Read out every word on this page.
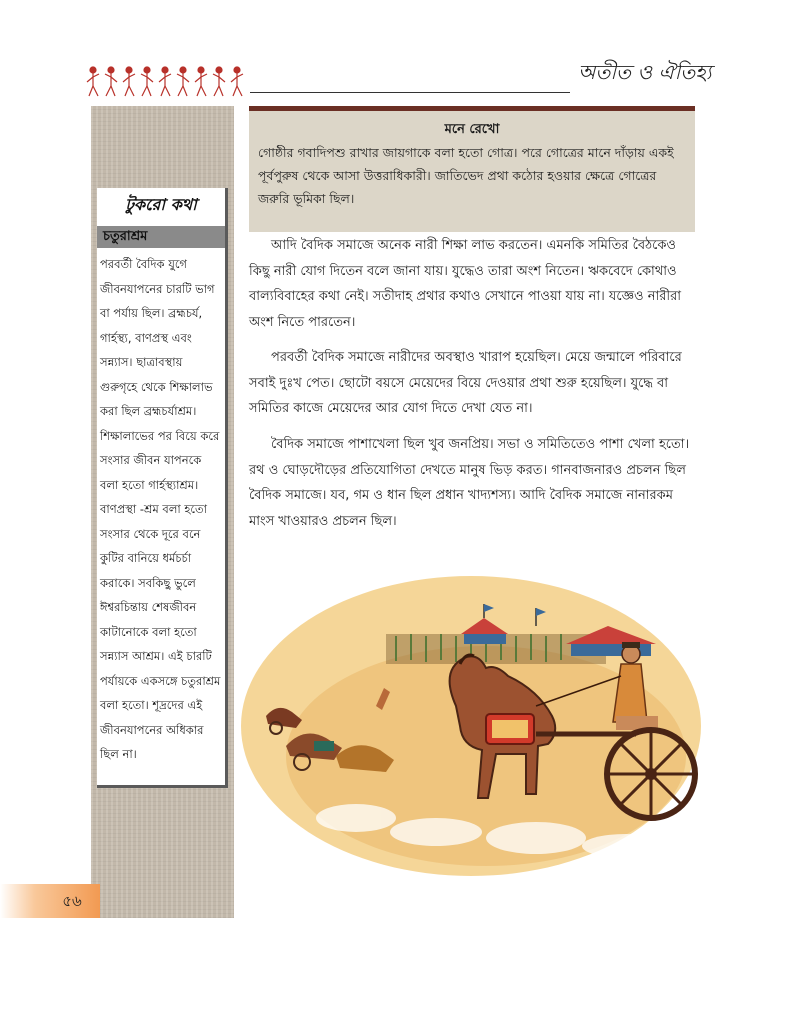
অতীত ও ঐতিহ্য
টুকরো কথা
চতুরাশ্রম

পরবর্তী বৈদিক যুগে জীবনযাপনের চারটি ভাগ বা পর্যায় ছিল। ব্রহ্মচর্য, গার্হস্থ্য, বাণপ্রস্থ এবং সন্ন্যাস। ছাত্রাবস্থায় গুরুগৃহে থেকে শিক্ষালাভ করা ছিল ব্রহ্মচর্যাশ্রম। শিক্ষালাভের পর বিয়ে করে সংসার জীবন যাপনকে বলা হতো গার্হস্থ্যাশ্রম। বাণপ্রস্থা -শ্রম বলা হতো সংসার থেকে দূরে বনে কুটির বানিয়ে ধর্মচর্চা করাকে। সবকিছু ভুলে ঈশ্বরচিন্তায় শেষজীবন কাটানোকে বলা হতো সন্ন্যাস আশ্রম। এই চারটি পর্যায়কে একসঙ্গে চতুরাশ্রম বলা হতো। শূদ্রদের এই জীবনযাপনের অধিকার ছিল না।

৫৬
মনে রেখো

গোষ্ঠীর গবাদিপশু রাখার জায়গাকে বলা হতো গোত্র। পরে গোত্রের মানে দাঁড়ায় একই পূর্বপুরুষ থেকে আসা উত্তরাধিকারী। জাতিভেদ প্রথা কঠোর হওয়ার ক্ষেত্রে গোত্রের জরুরি ভূমিকা ছিল।

আদি বৈদিক সমাজে অনেক নারী শিক্ষা লাভ করতেন। এমনকি সমিতির বৈঠকেও কিছু নারী যোগ দিতেন বলে জানা যায়। যুদ্ধেও তারা অংশ নিতেন। ঋকবেদে কোথাও বাল্যবিবাহের কথা নেই। সতীদাহ প্রথার কথাও সেখানে পাওয়া যায় না। যজ্ঞেও নারীরা অংশ নিতে পারতেন।

পরবর্তী বৈদিক সমাজে নারীদের অবস্থাও খারাপ হয়েছিল। মেয়ে জন্মালে পরিবারে সবাই দুঃখ পেত। ছোটো বয়সে মেয়েদের বিয়ে দেওয়ার প্রথা শুরু হয়েছিল। যুদ্ধে বা সমিতির কাজে মেয়েদের আর যোগ দিতে দেখা যেত না।

বৈদিক সমাজে পাশাখেলা ছিল খুব জনপ্রিয়। সভা ও সমিতিতেও পাশা খেলা হতো। রথ ও ঘোড়দৌড়ের প্রতিযোগিতা দেখতে মানুষ ভিড় করত। গানবাজনারও প্রচলন ছিল বৈদিক সমাজে। যব, গম ও ধান ছিল প্রধান খাদ্যশস্য। আদি বৈদিক সমাজে নানারকম মাংস খাওয়ারও প্রচলন ছিল।
